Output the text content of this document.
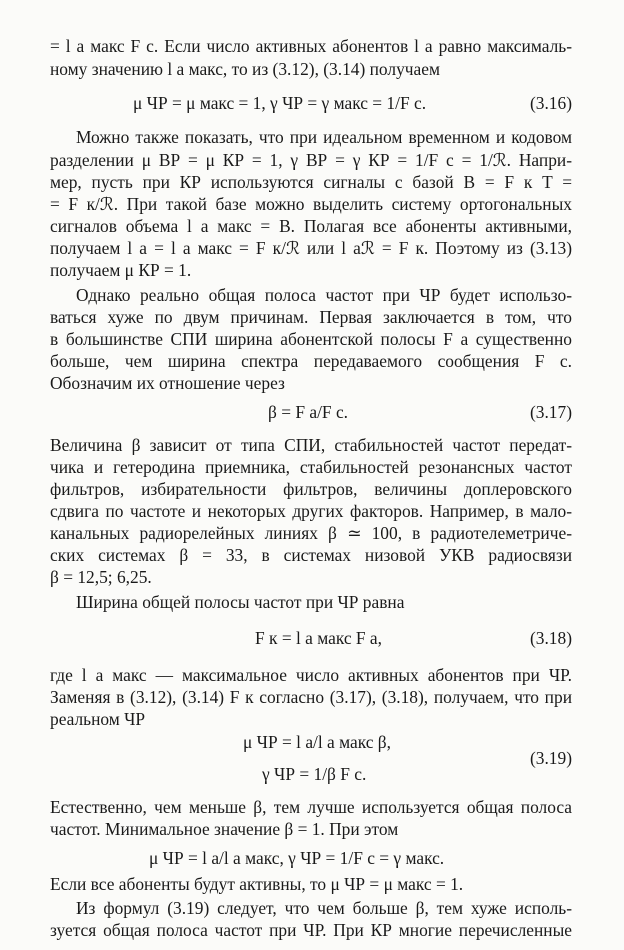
= l a макс F c. Если число активных абонентов l a равно максималь-
ному значению l a макс, то из (3.12), (3.14) получаем
μ ЧР = μ макс = 1, γ ЧР = γ макс = 1/F c.	(3.16)
Можно также показать, что при идеальном временном и кодовом
разделении μ ВР = μ КР = 1, γ ВР = γ КР = 1/F c = 1/ℛ. Напри-
мер, пусть при КР используются сигналы с базой B = F к T =
= F к/ℛ. При такой базе можно выделить систему ортогональных
сигналов объема l a макс = B. Полагая все абоненты активными,
получаем l a = l a макс = F к/ℛ или l aℛ = F к. Поэтому из (3.13)
получаем μ КР = 1.
Однако реально общая полоса частот при ЧР будет использо-
ваться хуже по двум причинам. Первая заключается в том, что
в большинстве СПИ ширина абонентской полосы F a существенно
больше, чем ширина спектра передаваемого сообщения F c.
Обозначим их отношение через
β = F a/F c.	(3.17)
Величина β зависит от типа СПИ, стабильностей частот передат-
чика и гетеродина приемника, стабильностей резонансных частот
фильтров, избирательности фильтров, величины доплеровского
сдвига по частоте и некоторых других факторов. Например, в мало-
канальных радиорелейных линиях β ≃ 100, в радиотелеметриче-
ских системах β = 33, в системах низовой УКВ радиосвязи
β = 12,5; 6,25.
Ширина общей полосы частот при ЧР равна
F к = l a макс F a,	(3.18)
где l a макс — максимальное число активных абонентов при ЧР.
Заменяя в (3.12), (3.14) F к согласно (3.17), (3.18), получаем, что при
реальном ЧР
μ ЧР = l a/l a макс β,
γ ЧР = 1/β F c.
(3.19)
Естественно, чем меньше β, тем лучше используется общая полоса
частот. Минимальное значение β = 1. При этом
μ ЧР = l a/l a макс, γ ЧР = 1/F c = γ макс.
Если все абоненты будут активны, то μ ЧР = μ макс = 1.
Из формул (3.19) следует, что чем больше β, тем хуже исполь-
зуется общая полоса частот при ЧР. При КР многие перечисленные
